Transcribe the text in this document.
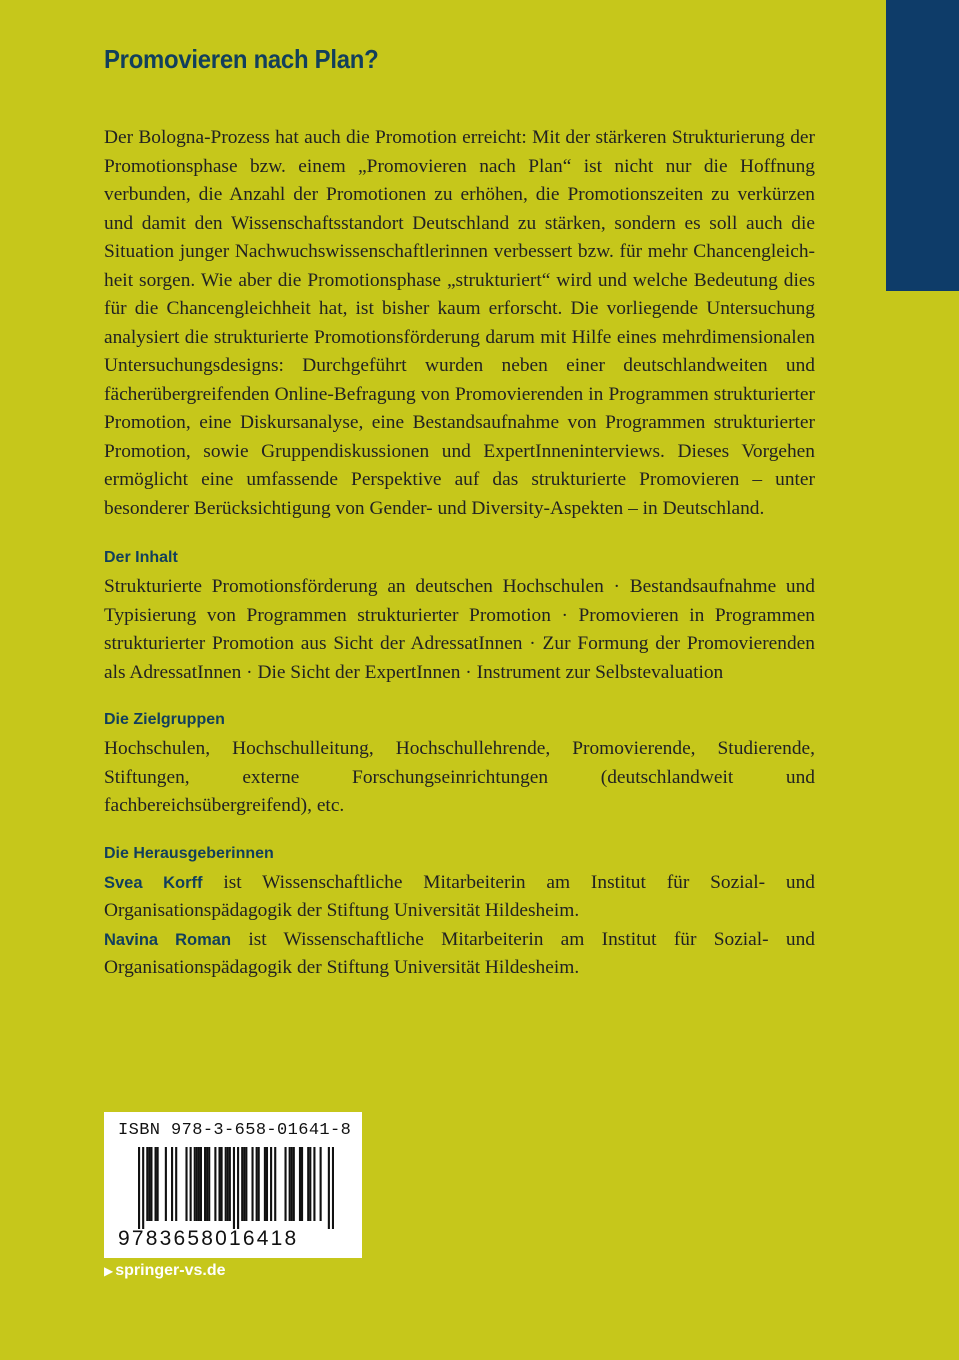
Promovieren nach Plan?

Der Bologna-Prozess hat auch die Promotion erreicht: Mit der stärkeren Strukturierung der Promotionsphase bzw. einem „Promovieren nach Plan“ ist nicht nur die Hoffnung verbunden, die Anzahl der Promotionen zu erhöhen, die Promotionszeiten zu verkürzen und damit den Wissenschaftsstandort Deutschland zu stärken, sondern es soll auch die Situation junger Nachwuchswissenschaftlerinnen verbessert bzw. für mehr Chancengleichheit sorgen. Wie aber die Promotionsphase „strukturiert“ wird und welche Bedeutung dies für die Chancengleichheit hat, ist bisher kaum erforscht. Die vorliegende Untersuchung analysiert die strukturierte Promotionsförderung darum mit Hilfe eines mehrdimensionalen Untersuchungsdesigns: Durchgeführt wurden neben einer deutschlandweiten und fächerübergreifenden Online-Befragung von Promovierenden in Programmen strukturierter Promotion, eine Diskursanalyse, eine Bestandsaufnahme von Programmen strukturierter Promotion, sowie Gruppendiskussionen und ExpertInneninterviews. Dieses Vorgehen ermöglicht eine umfassende Perspektive auf das strukturierte Promovieren – unter besonderer Berücksichtigung von Gender- und Diversity-Aspekten – in Deutschland.

Der Inhalt

Strukturierte Promotionsförderung an deutschen Hochschulen · Bestandsaufnahme und Typisierung von Programmen strukturierter Promotion · Promovieren in Programmen strukturierter Promotion aus Sicht der AdressatInnen · Zur Formung der Promovierenden als AdressatInnen · Die Sicht der ExpertInnen · Instrument zur Selbstevaluation

Die Zielgruppen

Hochschulen, Hochschulleitung, Hochschullehrende, Promovierende, Studierende, Stiftungen, externe Forschungseinrichtungen (deutschlandweit und fachbereichsübergreifend), etc.

Die Herausgeberinnen

Svea Korff ist Wissenschaftliche Mitarbeiterin am Institut für Sozial- und Organisationspädagogik der Stiftung Universität Hildesheim.

Navina Roman ist Wissenschaftliche Mitarbeiterin am Institut für Sozial- und Organisationspädagogik der Stiftung Universität Hildesheim.

ISBN 978-3-658-01641-8

9783658016418

▶ springer-vs.de
